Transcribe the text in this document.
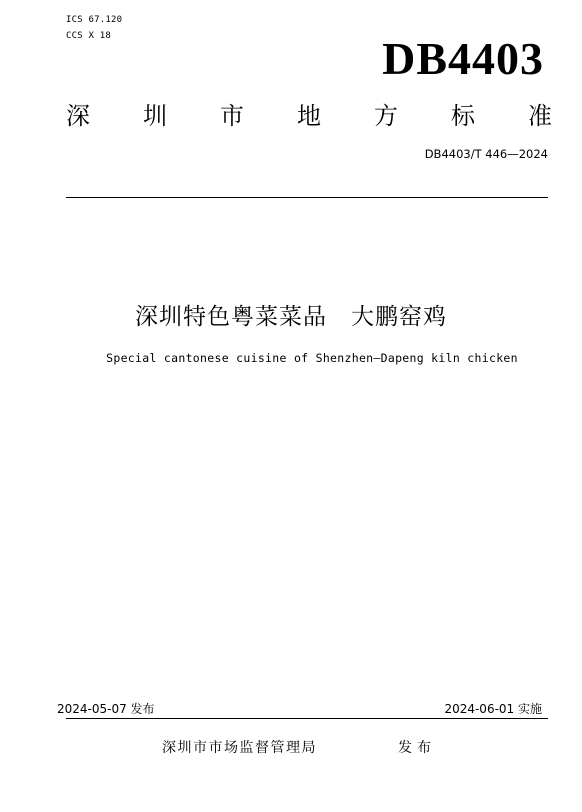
ICS 67.120
CCS X 18	DB4403
深 圳 市 地 方 标 准
DB4403/T 446—2024
深圳特色粤菜菜品　大鹏窑鸡
Special cantonese cuisine of Shenzhen—Dapeng kiln chicken
2024-05-07 发布	2024-06-01 实施
深圳市市场监督管理局	发布
